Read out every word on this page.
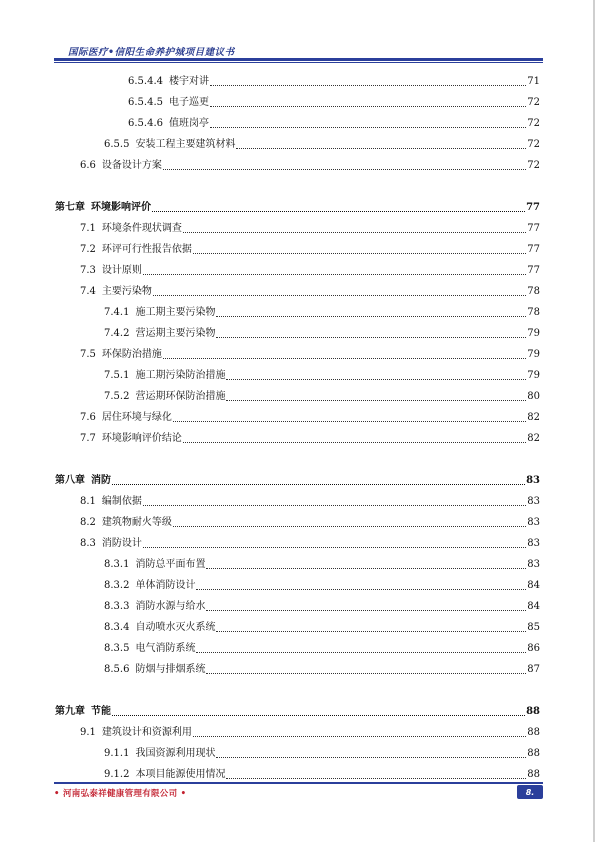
国际医疗•信阳生命养护城项目建议书
6.5.4.4 楼宇对讲	71
6.5.4.5 电子巡更	72
6.5.4.6 值班岗亭	72
6.5.5 安装工程主要建筑材料	72
6.6 设备设计方案	72
第七章 环境影响评价	77
7.1 环境条件现状调查	77
7.2 环评可行性报告依据	77
7.3 设计原则	77
7.4 主要污染物	78
7.4.1 施工期主要污染物	78
7.4.2 营运期主要污染物	79
7.5 环保防治措施	79
7.5.1 施工期污染防治措施	79
7.5.2 营运期环保防治措施	80
7.6 居住环境与绿化	82
7.7 环境影响评价结论	82
第八章 消防	83
8.1 编制依据	83
8.2 建筑物耐火等级	83
8.3 消防设计	83
8.3.1 消防总平面布置	83
8.3.2 单体消防设计	84
8.3.3 消防水源与给水	84
8.3.4 自动喷水灭火系统	85
8.3.5 电气消防系统	86
8.5.6 防烟与排烟系统	87
第九章 节能	88
9.1 建筑设计和资源利用	88
9.1.1 我国资源利用现状	88
9.1.2 本项目能源使用情况	88
• 河南弘泰祥健康管理有限公司 •	8.
